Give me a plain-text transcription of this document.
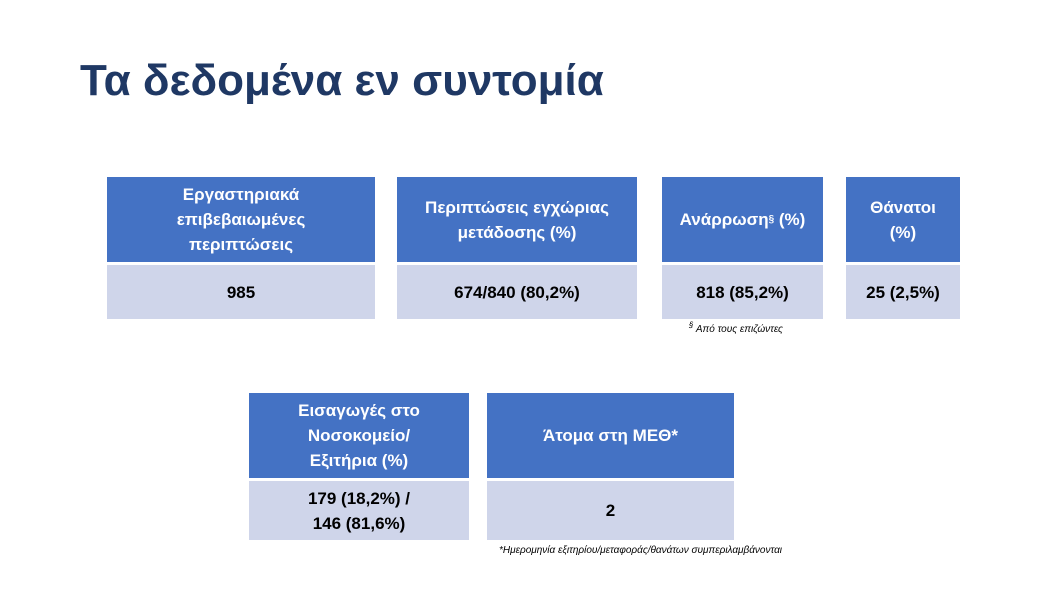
Τα δεδομένα εν συντομία
Εργαστηριακά επιβεβαιωμένες περιπτώσεις
985
Περιπτώσεις εγχώριας μετάδοσης (%)
674/840 (80,2%)
Ανάρρωση § (%)
818 (85,2%)
Θάνατοι (%)
25 (2,5%)
§ Από τους επιζώντες
Εισαγωγές στο Νοσοκομείο/ Εξιτήρια (%)
179 (18,2%) /
146 (81,6%)
Άτομα στη ΜΕΘ*
2
*Ημερομηνία εξιτηρίου/μεταφοράς/θανάτων συμπεριλαμβάνονται
